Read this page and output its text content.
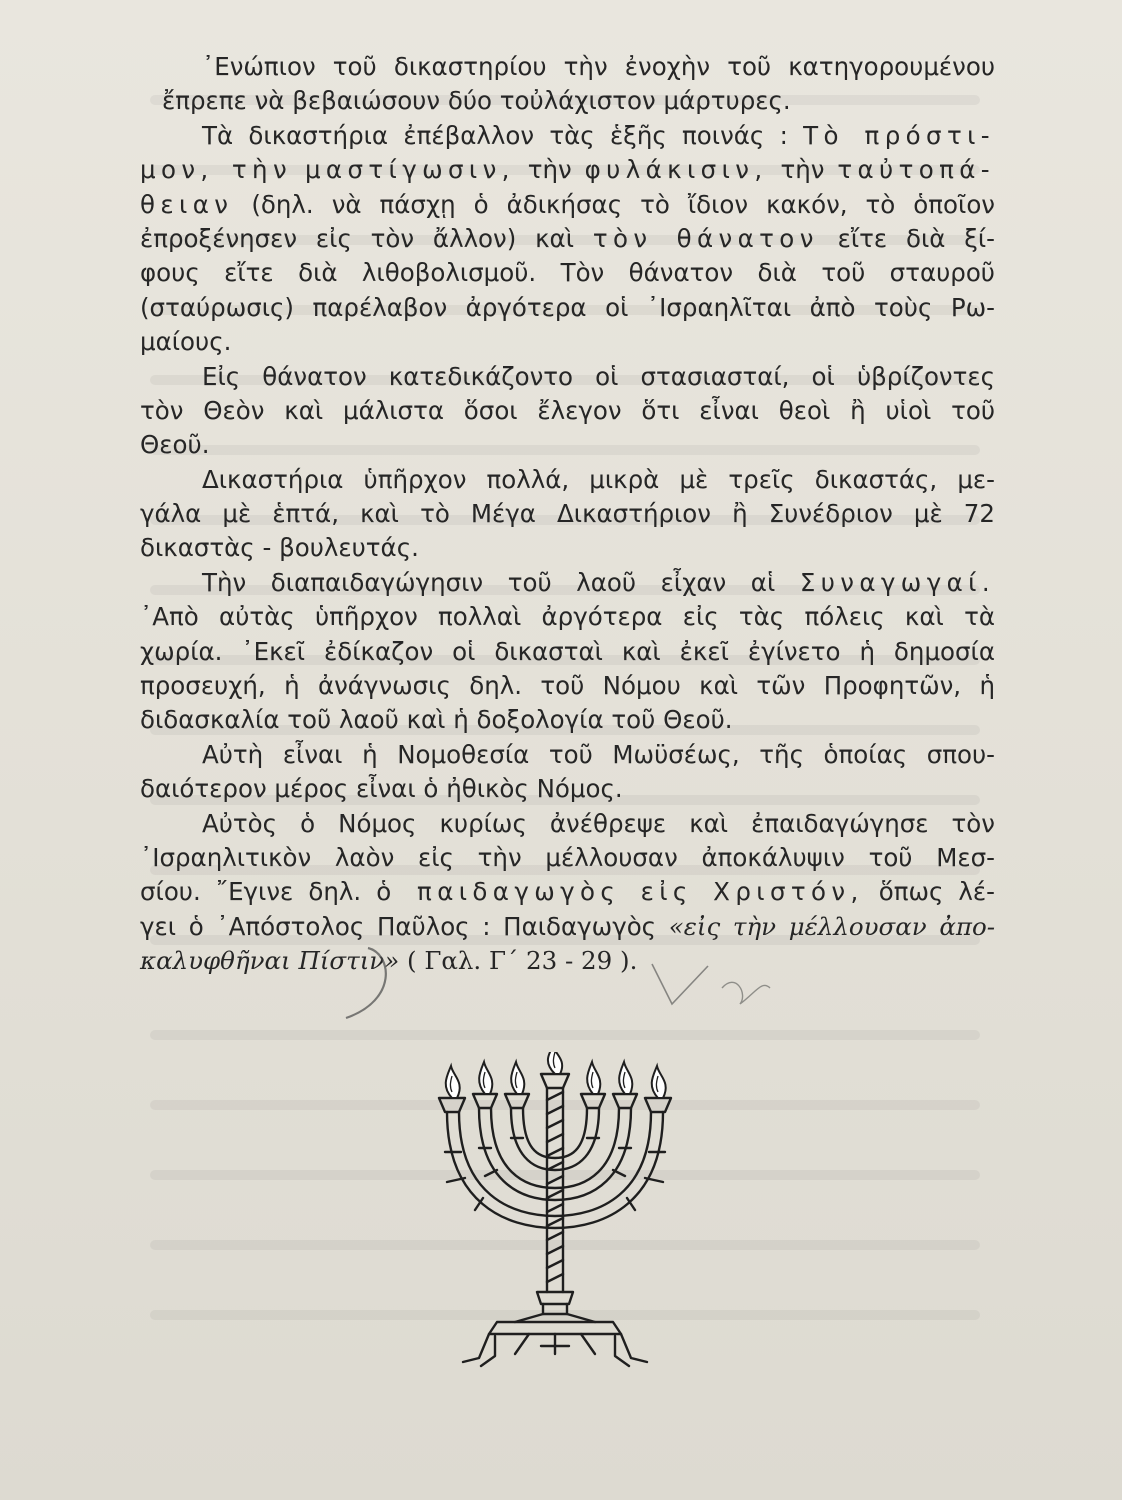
᾿Ενώπιον τοῦ δικαστηρίου τὴν ἐνοχὴν τοῦ κατηγορουμένου
ἔπρεπε νὰ βεβαιώσουν δύο τοὐλάχιστον μάρτυρες.
Τὰ δικαστήρια ἐπέβαλλον τὰς ἑξῆς ποινάς : Τὸ πρόστι-
μον, τὴν μαστίγωσιν, τὴν φυλάκισιν, τὴν ταὐτοπά-
θειαν (δηλ. νὰ πάσχῃ ὁ ἀδικήσας τὸ ἴδιον κακόν, τὸ ὁποῖον
ἐπροξένησεν εἰς τὸν ἄλλον) καὶ τὸν θάνατον εἴτε διὰ ξί-
φους εἴτε διὰ λιθοβολισμοῦ. Τὸν θάνατον διὰ τοῦ σταυροῦ
(σταύρωσις) παρέλαβον ἀργότερα οἱ ᾿Ισραηλῖται ἀπὸ τοὺς Ρω-
μαίους.
Εἰς θάνατον κατεδικάζοντο οἱ στασιασταί, οἱ ὑβρίζοντες
τὸν Θεὸν καὶ μάλιστα ὅσοι ἔλεγον ὅτι εἶναι θεοὶ ἢ υἱοὶ τοῦ
Θεοῦ.
Δικαστήρια ὑπῆρχον πολλά, μικρὰ μὲ τρεῖς δικαστάς, με-
γάλα μὲ ἑπτά, καὶ τὸ Μέγα Δικαστήριον ἢ Συνέδριον μὲ 72
δικαστὰς - βουλευτάς.
Τὴν διαπαιδαγώγησιν τοῦ λαοῦ εἶχαν αἱ Συναγωγαί.
᾿Απὸ αὐτὰς ὑπῆρχον πολλαὶ ἀργότερα εἰς τὰς πόλεις καὶ τὰ
χωρία. ᾿Εκεῖ ἐδίκαζον οἱ δικασταὶ καὶ ἐκεῖ ἐγίνετο ἡ δημοσία
προσευχή, ἡ ἀνάγνωσις δηλ. τοῦ Νόμου καὶ τῶν Προφητῶν, ἡ
διδασκαλία τοῦ λαοῦ καὶ ἡ δοξολογία τοῦ Θεοῦ.
Αὐτὴ εἶναι ἡ Νομοθεσία τοῦ Μωϋσέως, τῆς ὁποίας σπου-
δαιότερον μέρος εἶναι ὁ ἠθικὸς Νόμος.
Αὐτὸς ὁ Νόμος κυρίως ἀνέθρεψε καὶ ἐπαιδαγώγησε τὸν
᾿Ισραηλιτικὸν λαὸν εἰς τὴν μέλλουσαν ἀποκάλυψιν τοῦ Μεσ-
σίου. ῎Εγινε δηλ. ὁ παιδαγωγὸς εἰς Χριστόν, ὅπως λέ-
γει ὁ ᾿Απόστολος Παῦλος : Παιδαγωγὸς «εἰς τὴν μέλλουσαν ἀπο-
καλυφθῆναι Πίστιν» ( Γαλ. Γ΄ 23 - 29 ).
